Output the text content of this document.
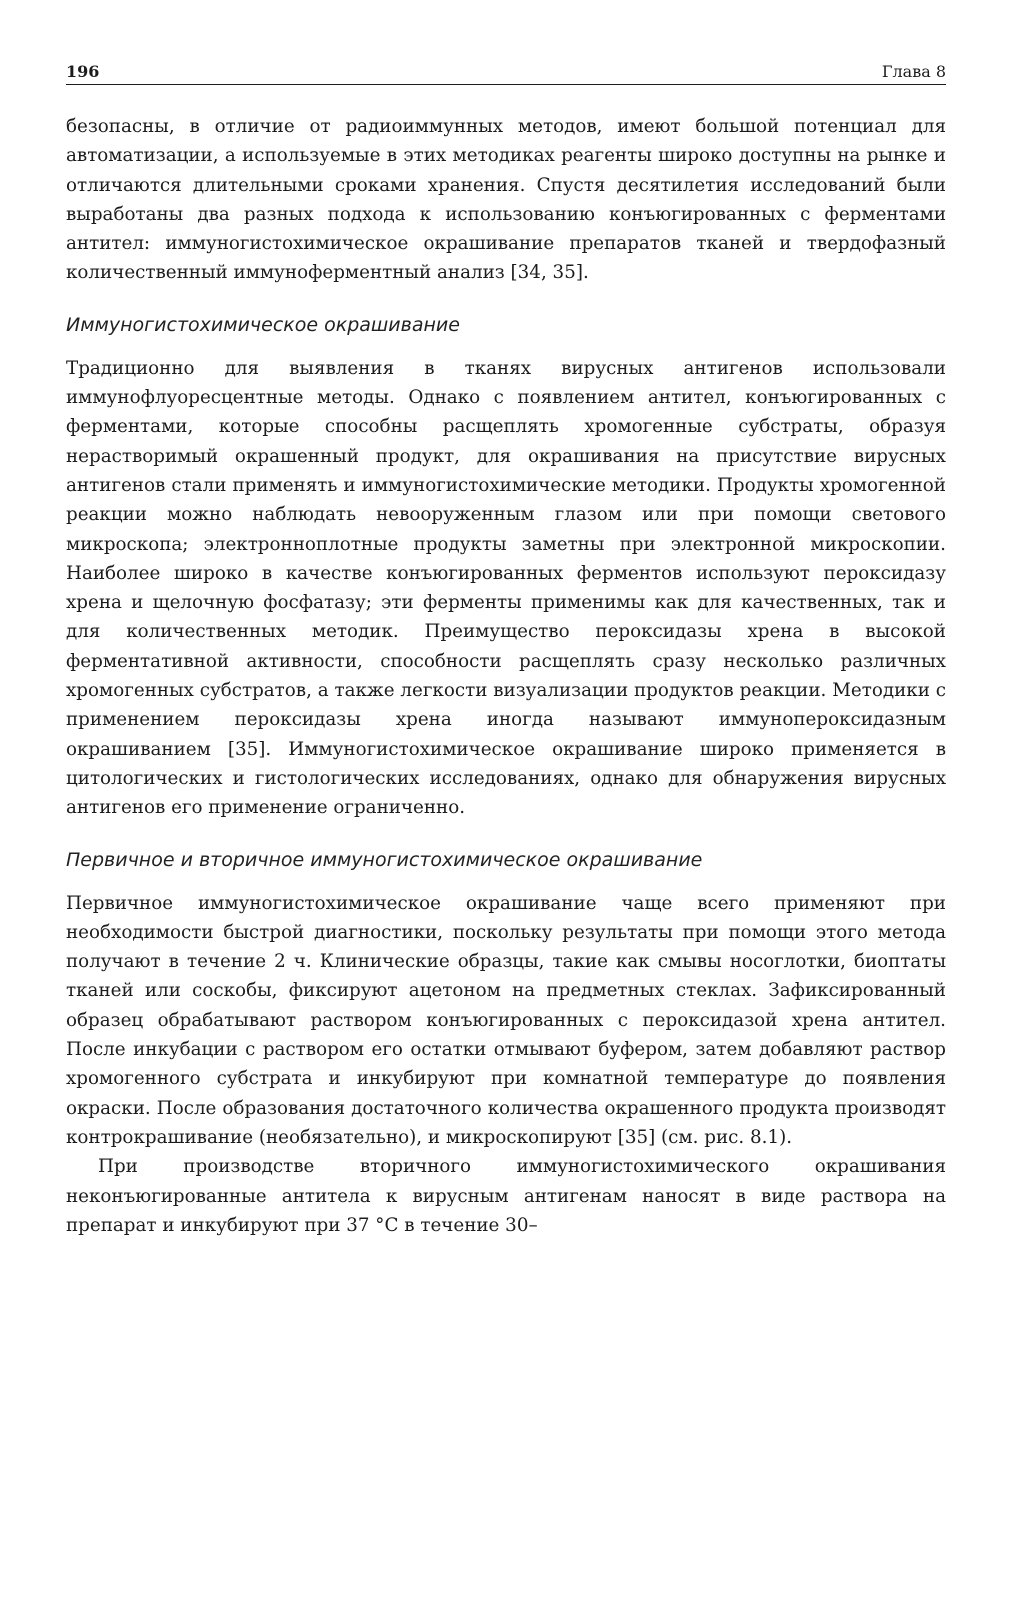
196	Глава 8

безопасны, в отличие от радиоиммунных методов, имеют большой потенциал для автоматизации, а используемые в этих методиках реагенты широко доступны на рынке и отличаются длительными сроками хранения. Спустя десятилетия исследований были выработаны два разных подхода к использованию конъюгированных с ферментами антител: иммуногистохимическое окрашивание препаратов тканей и твердофазный количественный иммуноферментный анализ [34, 35].

Иммуногистохимическое окрашивание

Традиционно для выявления в тканях вирусных антигенов использовали иммунофлуоресцентные методы. Однако с появлением антител, конъюгированных с ферментами, которые способны расщеплять хромогенные субстраты, образуя нерастворимый окрашенный продукт, для окрашивания на присутствие вирусных антигенов стали применять и иммуногистохимические методики. Продукты хромогенной реакции можно наблюдать невооруженным глазом или при помощи светового микроскопа; электронноплотные продукты заметны при электронной микроскопии. Наиболее широко в качестве конъюгированных ферментов используют пероксидазу хрена и щелочную фосфатазу; эти ферменты применимы как для качественных, так и для количественных методик. Преимущество пероксидазы хрена в высокой ферментативной активности, способности расщеплять сразу несколько различных хромогенных субстратов, а также легкости визуализации продуктов реакции. Методики с применением пероксидазы хрена иногда называют иммунопероксидазным окрашиванием [35]. Иммуногистохимическое окрашивание широко применяется в цитологических и гистологических исследованиях, однако для обнаружения вирусных антигенов его применение ограниченно.

Первичное и вторичное иммуногистохимическое окрашивание

Первичное иммуногистохимическое окрашивание чаще всего применяют при необходимости быстрой диагностики, поскольку результаты при помощи этого метода получают в течение 2 ч. Клинические образцы, такие как смывы носоглотки, биоптаты тканей или соскобы, фиксируют ацетоном на предметных стеклах. Зафиксированный образец обрабатывают раствором конъюгированных с пероксидазой хрена антител. После инкубации с раствором его остатки отмывают буфером, затем добавляют раствор хромогенного субстрата и инкубируют при комнатной температуре до появления окраски. После образования достаточного количества окрашенного продукта производят контрокрашивание (необязательно), и микроскопируют [35] (см. рис. 8.1).

При производстве вторичного иммуногистохимического окрашивания неконъюгированные антитела к вирусным антигенам наносят в виде раствора на препарат и инкубируют при 37 °C в течение 30–
